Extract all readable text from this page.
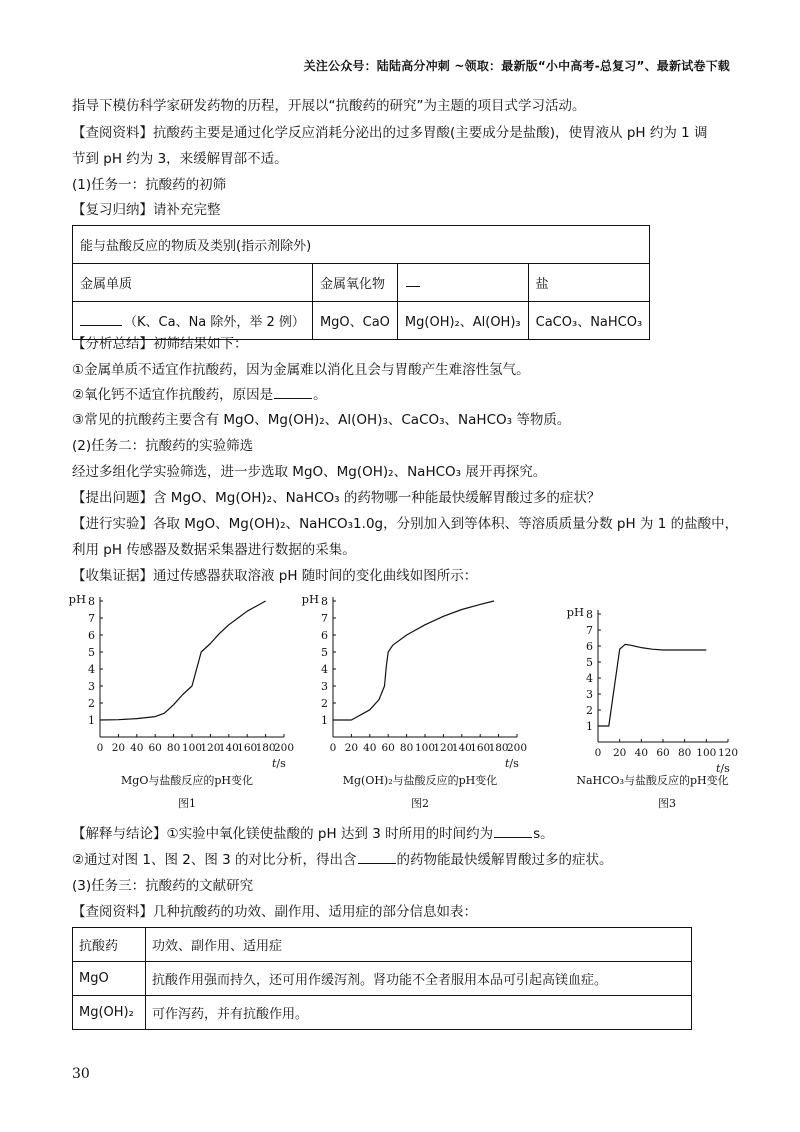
关注公众号：陆陆高分冲刺 ~领取：最新版“小中高考-总复习”、最新试卷下载
指导下模仿科学家研发药物的历程，开展以“抗酸药的研究”为主题的项目式学习活动。
【查阅资料】抗酸药主要是通过化学反应消耗分泌出的过多胃酸(主要成分是盐酸)，使胃液从 pH 约为 1 调
节到 pH 约为 3，来缓解胃部不适。
(1)任务一：抗酸药的初筛
【复习归纳】请补充完整
能与盐酸反应的物质及类别(指示剂除外)			
金属单质	金属氧化物		盐
（K、Ca、Na 除外，举 2 例）	MgO、CaO	Mg(OH)₂、Al(OH)₃	CaCO₃、NaHCO₃
【分析总结】初筛结果如下：
①金属单质不适宜作抗酸药，因为金属难以消化且会与胃酸产生难溶性氢气。
②氧化钙不适宜作抗酸药，原因是	。
③常见的抗酸药主要含有 MgO、Mg(OH)₂、Al(OH)₃、CaCO₃、NaHCO₃ 等物质。
(2)任务二：抗酸药的实验筛选
经过多组化学实验筛选，进一步选取 MgO、Mg(OH)₂、NaHCO₃ 展开再探究。
【提出问题】含 MgO、Mg(OH)₂、NaHCO₃ 的药物哪一种能最快缓解胃酸过多的症状？
【进行实验】各取 MgO、Mg(OH)₂、NaHCO₃1.0g，分别加入到等体积、等溶质质量分数 pH 为 1 的盐酸中，
利用 pH 传感器及数据采集器进行数据的采集。
【收集证据】通过传感器获取溶液 pH 随时间的变化曲线如图所示：
1
2
3
4
5
6
7
8
0 20 40 60 80 100
120
140
160
180
200
pH
t/s
MgO与盐酸反应的pH变化
图1
1
2
3
4
5
6
7
8
0 20 40 60 80 100
120
140
160
180
200
pH
t/s
Mg(OH)₂与盐酸反应的pH变化
图2
1
2
3
4
5
6
7
8
0 20 40 60 80 100 120
pH
t/s
NaHCO₃与盐酸反应的pH变化
图3
【解释与结论】①实验中氧化镁使盐酸的 pH 达到 3 时所用的时间约为	s。
②通过对图 1、图 2、图 3 的对比分析，得出含	的药物能最快缓解胃酸过多的症状。
(3)任务三：抗酸药的文献研究
【查阅资料】几种抗酸药的功效、副作用、适用症的部分信息如表：
抗酸药	功效、副作用、适用症
MgO	抗酸作用强而持久，还可用作缓泻剂。肾功能不全者服用本品可引起高镁血症。
Mg(OH)₂	可作泻药，并有抗酸作用。
30
